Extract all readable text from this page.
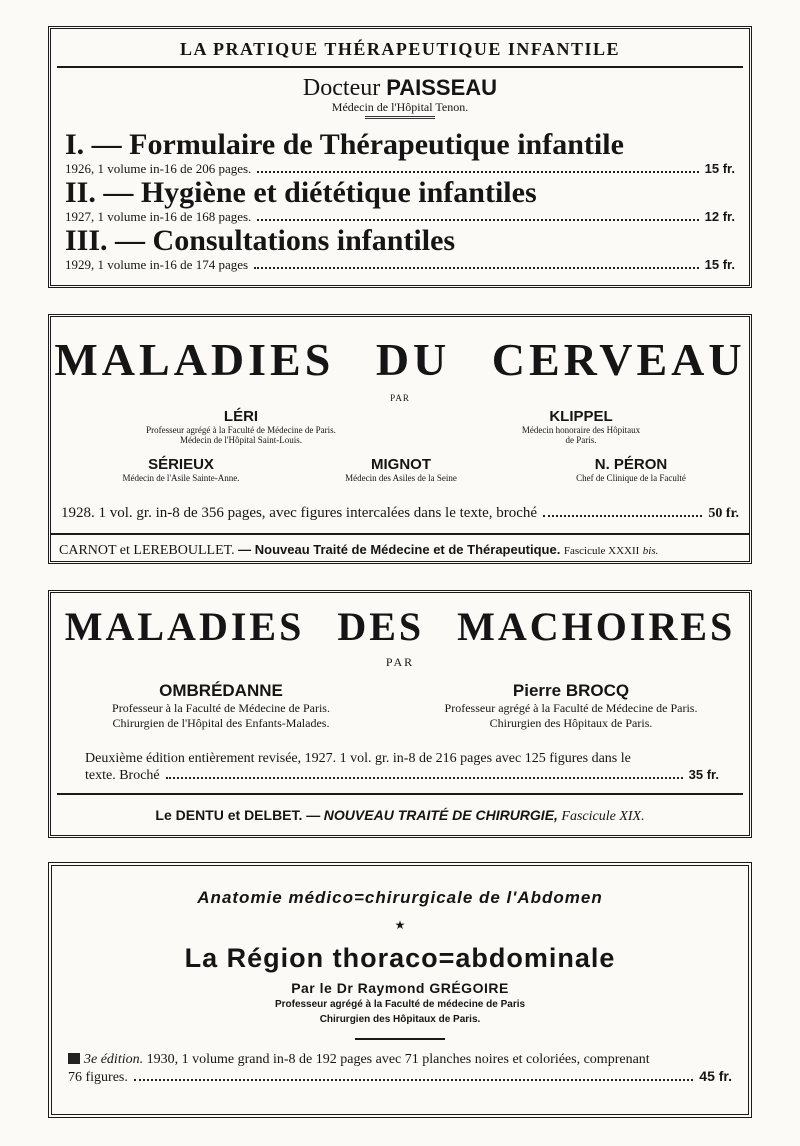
LA PRATIQUE THÉRAPEUTIQUE INFANTILE
Docteur PAISSEAU
Médecin de l'Hôpital Tenon.
I. — Formulaire de Thérapeutique infantile
1926, 1 volume in-16 de 206 pages.	15 fr.
II. — Hygiène et diététique infantiles
1927, 1 volume in-16 de 168 pages.	12 fr.
III. — Consultations infantiles
1929, 1 volume in-16 de 174 pages	15 fr.
MALADIES DU CERVEAU
PAR
LÉRI
Professeur agrégé à la Faculté de Médecine de Paris.
Médecin de l'Hôpital Saint-Louis.
KLIPPEL
Médecin honoraire des Hôpitaux
de Paris.
SÉRIEUX
Médecin de l'Asile Sainte-Anne.
MIGNOT
Médecin des Asiles de la Seine
N. PÉRON
Chef de Clinique de la Faculté
1928. 1 vol. gr. in-8 de 356 pages, avec figures intercalées dans le texte, broché	50 fr.
CARNOT et LEREBOULLET. — Nouveau Traité de Médecine et de Thérapeutique. Fascicule XXXII bis.
MALADIES DES MACHOIRES
PAR
OMBRÉDANNE
Professeur à la Faculté de Médecine de Paris.
Chirurgien de l'Hôpital des Enfants-Malades.
Pierre BROCQ
Professeur agrégé à la Faculté de Médecine de Paris.
Chirurgien des Hôpitaux de Paris.
Deuxième édition entièrement revisée, 1927. 1 vol. gr. in-8 de 216 pages avec 125 figures dans le
texte. Broché	35 fr.
Le DENTU et DELBET. — NOUVEAU TRAITÉ DE CHIRURGIE, Fascicule XIX.
Anatomie médico=chirurgicale de l'Abdomen
★
La Région thoraco=abdominale
Par le Dr Raymond GRÉGOIRE
Professeur agrégé à la Faculté de médecine de Paris
Chirurgien des Hôpitaux de Paris.
3e édition. 1930, 1 volume grand in-8 de 192 pages avec 71 planches noires et coloriées, comprenant
76 figures.	45 fr.
